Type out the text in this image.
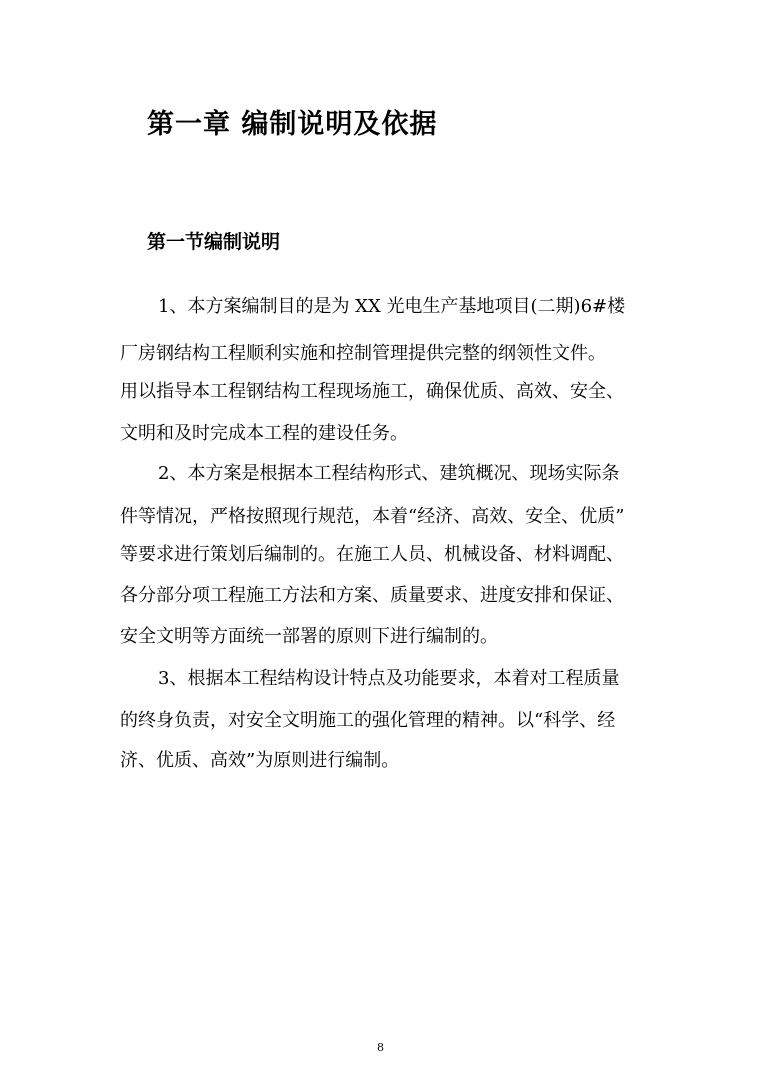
第一章 编制说明及依据
第一节编制说明
1、本方案编制目的是为 XX 光电生产基地项目(二期)6#楼
厂房钢结构工程顺利实施和控制管理提供完整的纲领性文件。
用以指导本工程钢结构工程现场施工，确保优质、高效、安全、
文明和及时完成本工程的建设任务。
2、本方案是根据本工程结构形式、建筑概况、现场实际条
件等情况，严格按照现行规范，本着“经济、高效、安全、优质”
等要求进行策划后编制的。在施工人员、机械设备、材料调配、
各分部分项工程施工方法和方案、质量要求、进度安排和保证、
安全文明等方面统一部署的原则下进行编制的。
3、根据本工程结构设计特点及功能要求，本着对工程质量
的终身负责，对安全文明施工的强化管理的精神。以“科学、经
济、优质、高效”为原则进行编制。
8
